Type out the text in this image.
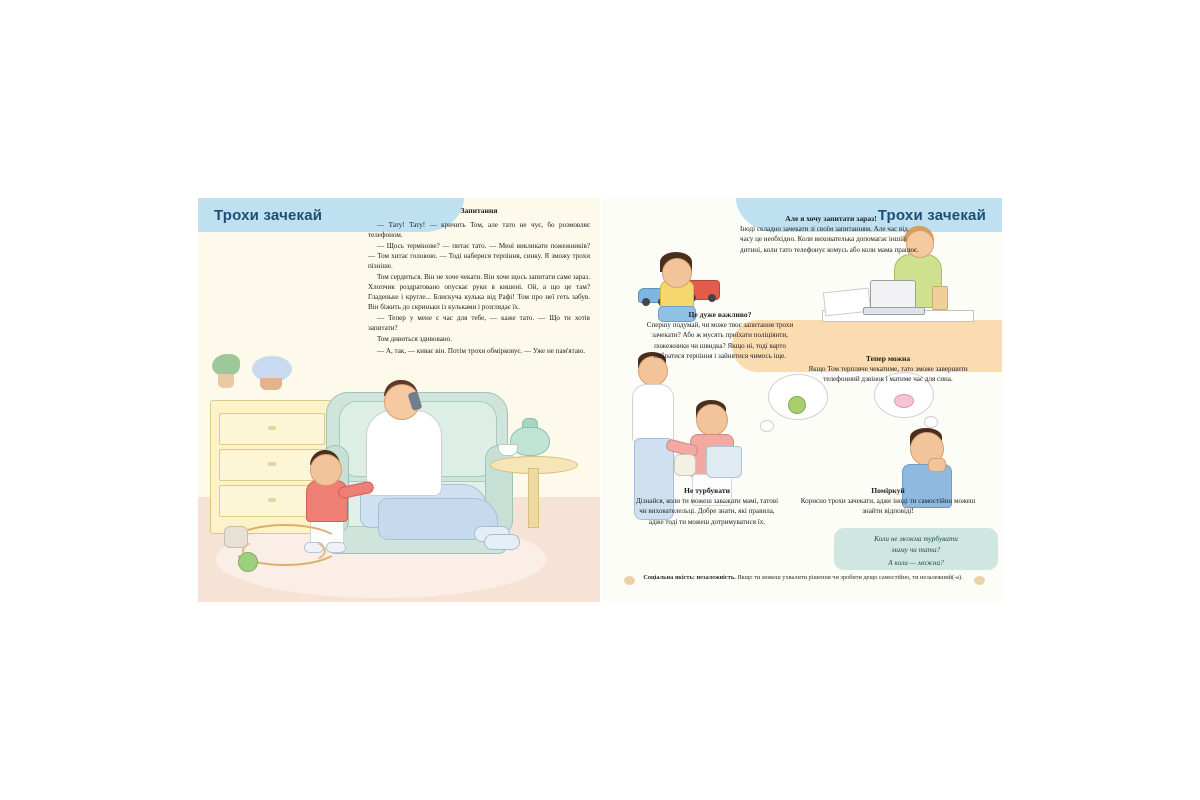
Трохи зачекай	Запитання

— Тату! Тату! — кричить Том, але тато не чує, бо розмовляє телефоном.

— Щось термінове? — питає тато. — Мені викликати пожежників? — Том хитає головою. — Тоді наберися терпіння, синку. Я зможу трохи пізніше.

Том сердиться. Він не хоче чекати. Він хоче щось запитати саме зараз. Хлопчик роздратовано опускає руки в кишені. Ой, а що це там? Гладеньке і кругле... Блискуча кулька від Рафі! Том про неї геть забув. Він біжить до скриньки із кульками і розглядає їх.

— Тепер у мене є час для тебе, — каже тато. — Що ти хотів запитати?

Том дивиться здивовано.

— А, так, — киває він. Потім трохи обмірковує. — Уже не пам'ятаю.

Трохи зачекай

Але я хочу запитати зараз!

Іноді складно зачекати зі своїм запитанням. Але час від часу це необхідно. Коли вихователька допомагає іншій дитині, коли тато телефонує комусь або коли мама працює.

Це дуже важливо?

Спершу подумай, чи може твоє запитання трохи зачекати? Або ж мусять приїхати поліціянти, пожежники чи швидка? Якщо ні, тоді варто набратися терпіння і зайнятися чимось іще.	Тепер можна

Якщо Том терпляче чекатиме, тато зможе завершити телефонний дзвінок і матиме час для сина.

Не турбувати

Дізнайся, коли ти можеш заважати мамі, татові чи вихователельці. Добре знати, які правила, адже тоді ти можеш дотримуватися їх.

Поміркуй

Корисно трохи зачекати, адже іноді ти самостійно можеш знайти відповіді!

Коли не можна турбувати
маму чи тата?
А коли — можна?
Соціальна якість: незалежність. Якщо ти можеш ухвалити рішення чи зробити дещо самостійно, ти незалежний(-а).
